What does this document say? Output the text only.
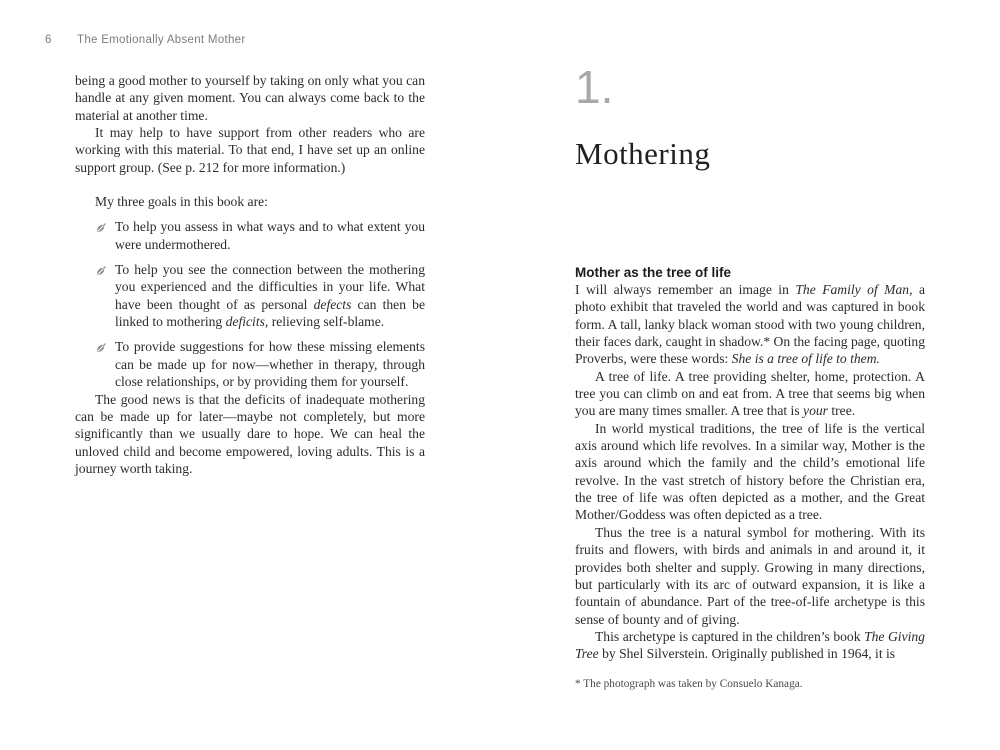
6 The Emotionally Absent Mother

being a good mother to yourself by taking on only what you can handle at any given moment. You can always come back to the material at another time.

It may help to have support from other readers who are working with this material. To that end, I have set up an online support group. (See p. 212 for more information.)

My three goals in this book are:

To help you assess in what ways and to what extent you were undermothered.
To help you see the connection between the mothering you experienced and the difficulties in your life. What have been thought of as personal defects can then be linked to mothering deficits, relieving self-blame.
To provide suggestions for how these missing elements can be made up for now—whether in therapy, through close relationships, or by providing them for yourself.

The good news is that the deficits of inadequate mothering can be made up for later—maybe not completely, but more significantly than we usually dare to hope. We can heal the unloved child and become empowered, loving adults. This is a journey worth taking.

1.
Mothering
Mother as the tree of life

I will always remember an image in The Family of Man, a photo exhibit that traveled the world and was captured in book form. A tall, lanky black woman stood with two young children, their faces dark, caught in shadow.* On the facing page, quoting Proverbs, were these words: She is a tree of life to them.

A tree of life. A tree providing shelter, home, protection. A tree you can climb on and eat from. A tree that seems big when you are many times smaller. A tree that is your tree.

In world mystical traditions, the tree of life is the vertical axis around which life revolves. In a similar way, Mother is the axis around which the family and the child’s emotional life revolve. In the vast stretch of history before the Christian era, the tree of life was often depicted as a mother, and the Great Mother/Goddess was often depicted as a tree.

Thus the tree is a natural symbol for mothering. With its fruits and flowers, with birds and animals in and around it, it provides both shelter and supply. Growing in many directions, but particularly with its arc of outward expansion, it is like a fountain of abundance. Part of the tree-of-life archetype is this sense of bounty and of giving.

This archetype is captured in the children’s book The Giving Tree by Shel Silverstein. Originally published in 1964, it is

* The photograph was taken by Consuelo Kanaga.
